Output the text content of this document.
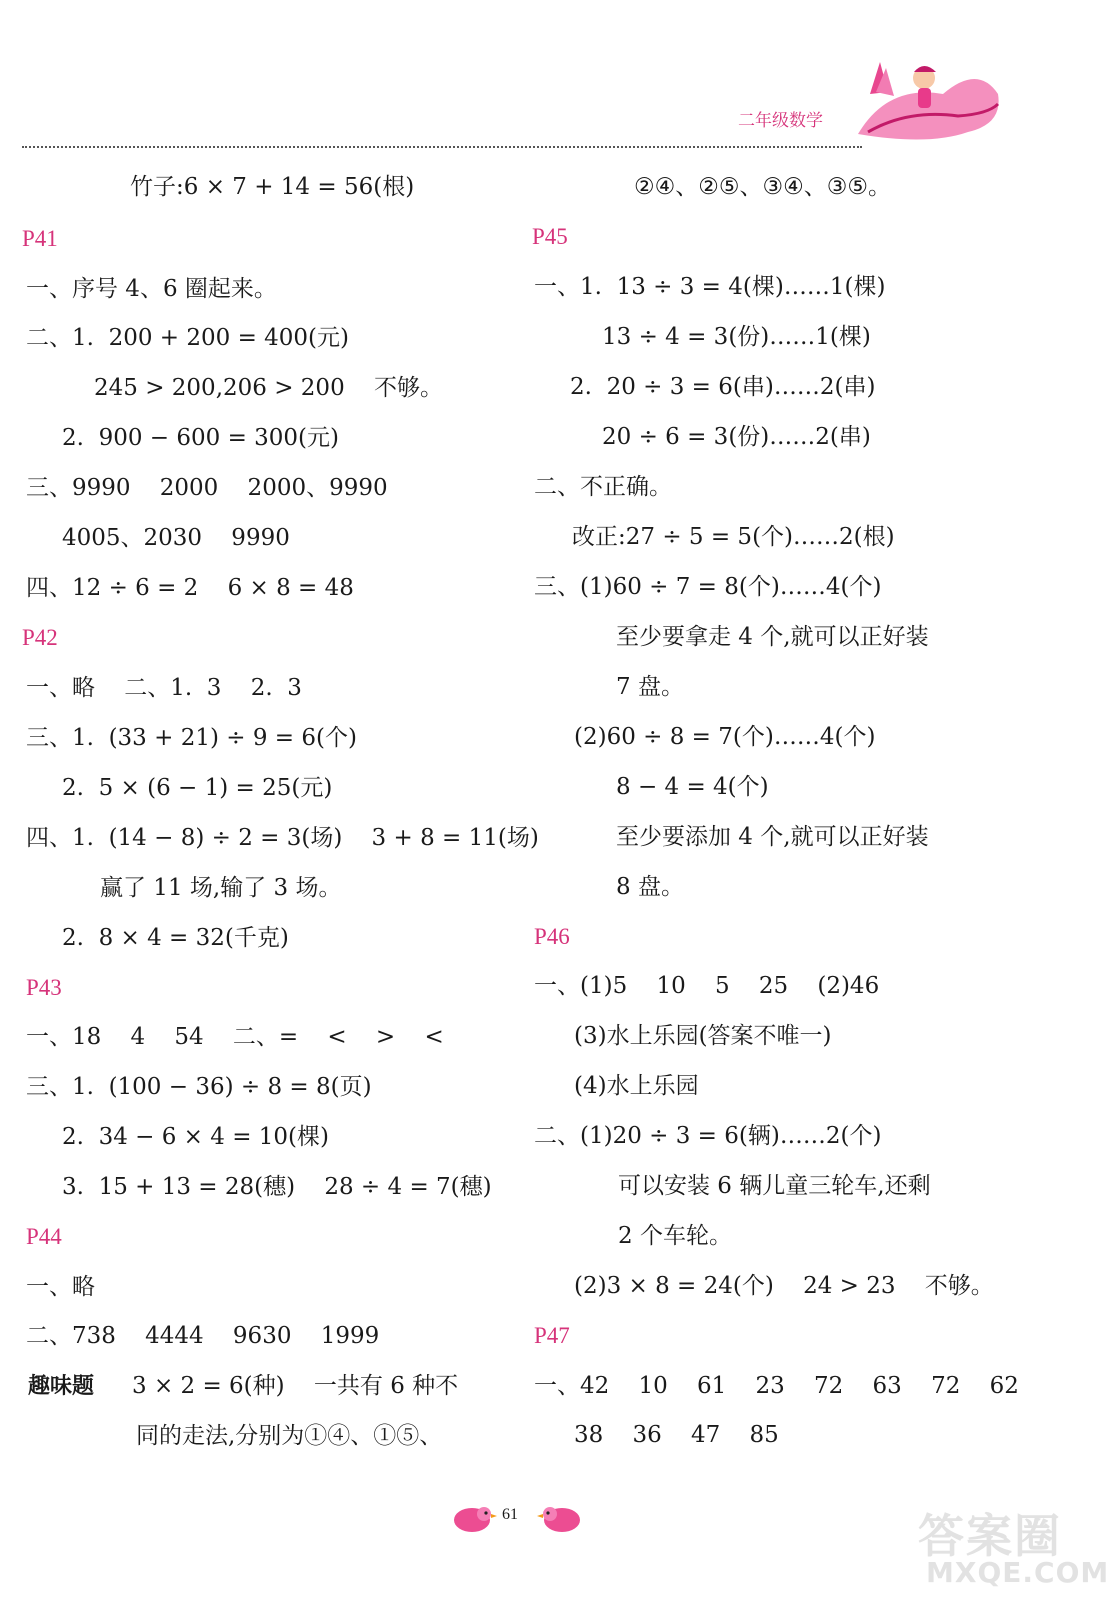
二年级数学
竹子:6 × 7 + 14 = 56(根)
P41
一、序号 4、6 圈起来。
二、1.  200 + 200 = 400(元)
245 > 200,206 > 200    不够。
2.  900 − 600 = 300(元)
三、9990    2000    2000、9990
4005、2030    9990
四、12 ÷ 6 = 2    6 × 8 = 48
P42
一、略    二、1.  3    2.  3
三、1.  (33 + 21) ÷ 9 = 6(个)
2.  5 × (6 − 1) = 25(元)
四、1.  (14 − 8) ÷ 2 = 3(场)    3 + 8 = 11(场)
赢了 11 场,输了 3 场。
2.  8 × 4 = 32(千克)
P43
一、18    4    54    二、=    <    >    <
三、1.  (100 − 36) ÷ 8 = 8(页)
2.  34 − 6 × 4 = 10(棵)
3.  15 + 13 = 28(穗)    28 ÷ 4 = 7(穗)
P44
一、略
二、738    4444    9630    1999
趣味题 3 × 2 = 6(种)    一共有 6 种不
同的走法,分别为①④、①⑤、
②④、②⑤、③④、③⑤。
P45
一、1.  13 ÷ 3 = 4(棵)……1(棵)
13 ÷ 4 = 3(份)……1(棵)
2.  20 ÷ 3 = 6(串)……2(串)
20 ÷ 6 = 3(份)……2(串)
二、不正确。
改正:27 ÷ 5 = 5(个)……2(根)
三、(1)60 ÷ 7 = 8(个)……4(个)
至少要拿走 4 个,就可以正好装
7 盘。
(2)60 ÷ 8 = 7(个)……4(个)
8 − 4 = 4(个)
至少要添加 4 个,就可以正好装
8 盘。
P46
一、(1)5    10    5    25    (2)46
(3)水上乐园(答案不唯一)
(4)水上乐园
二、(1)20 ÷ 3 = 6(辆)……2(个)
可以安装 6 辆儿童三轮车,还剩
2 个车轮。
(2)3 × 8 = 24(个)    24 > 23    不够。
P47
一、42    10    61    23    72    63    72    62
38    36    47    85
61	答案圈
MXQE.COM
